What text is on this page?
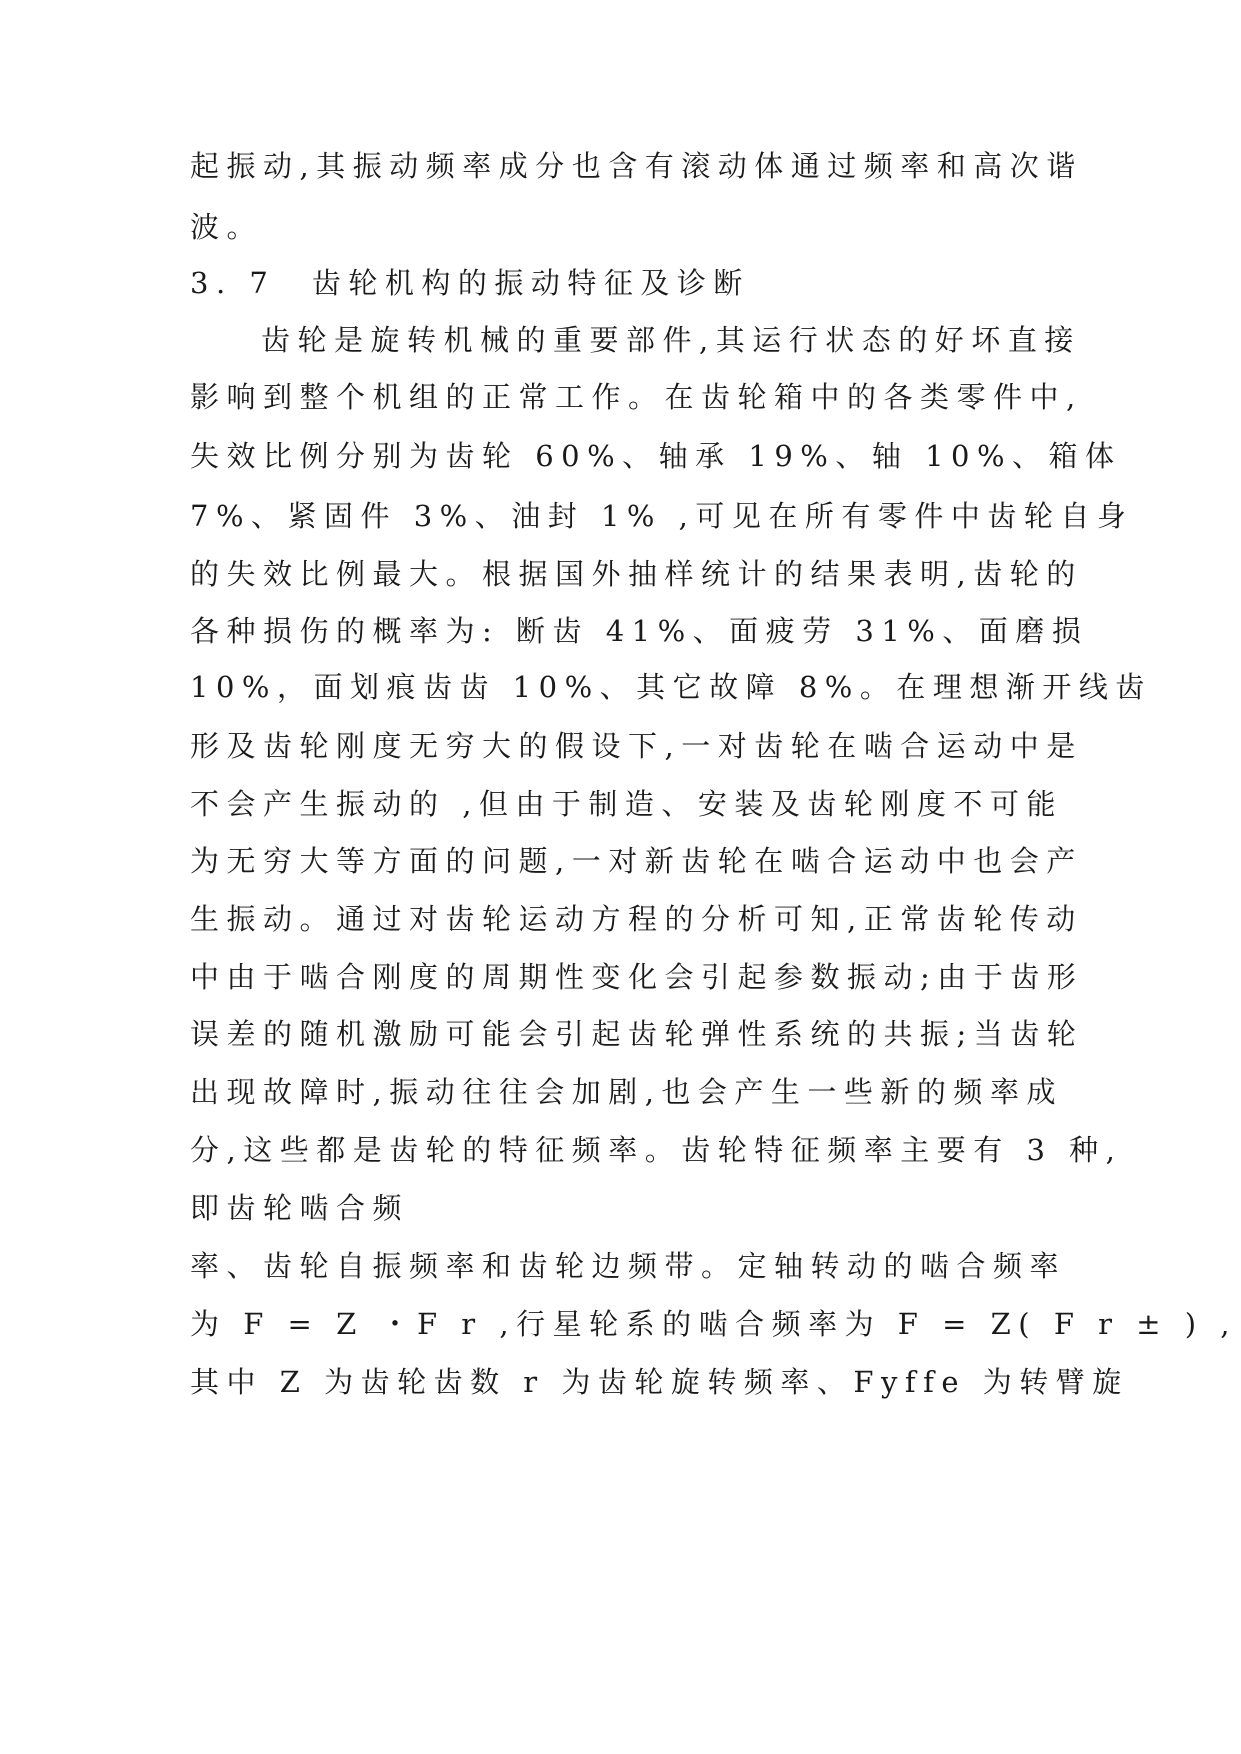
起振动,其振动频率成分也含有滚动体通过频率和高次谐
波。
3. 7　齿轮机构的振动特征及诊断
齿轮是旋转机械的重要部件,其运行状态的好坏直接
影响到整个机组的正常工作。在齿轮箱中的各类零件中,
失效比例分别为齿轮 60%、轴承 19%、轴 10%、箱体
7%、紧固件 3%、油封 1% ,可见在所有零件中齿轮自身
的失效比例最大。根据国外抽样统计的结果表明,齿轮的
各种损伤的概率为: 断齿 41%、面疲劳 31%、面磨损
10%，面划痕齿齿 10%、其它故障 8%。在理想渐开线齿
形及齿轮刚度无穷大的假设下,一对齿轮在啮合运动中是
不会产生振动的 ,但由于制造、安装及齿轮刚度不可能
为无穷大等方面的问题,一对新齿轮在啮合运动中也会产
生振动。通过对齿轮运动方程的分析可知,正常齿轮传动
中由于啮合刚度的周期性变化会引起参数振动;由于齿形
误差的随机激励可能会引起齿轮弹性系统的共振;当齿轮
出现故障时,振动往往会加剧,也会产生一些新的频率成
分,这些都是齿轮的特征频率。齿轮特征频率主要有 3 种,
即齿轮啮合频
率、齿轮自振频率和齿轮边频带。定轴转动的啮合频率
为 F = Z ・F r ,行星轮系的啮合频率为 F = Z( F r ± ) ,
其中 Z 为齿轮齿数 r 为齿轮旋转频率、Fyffe 为转臂旋
